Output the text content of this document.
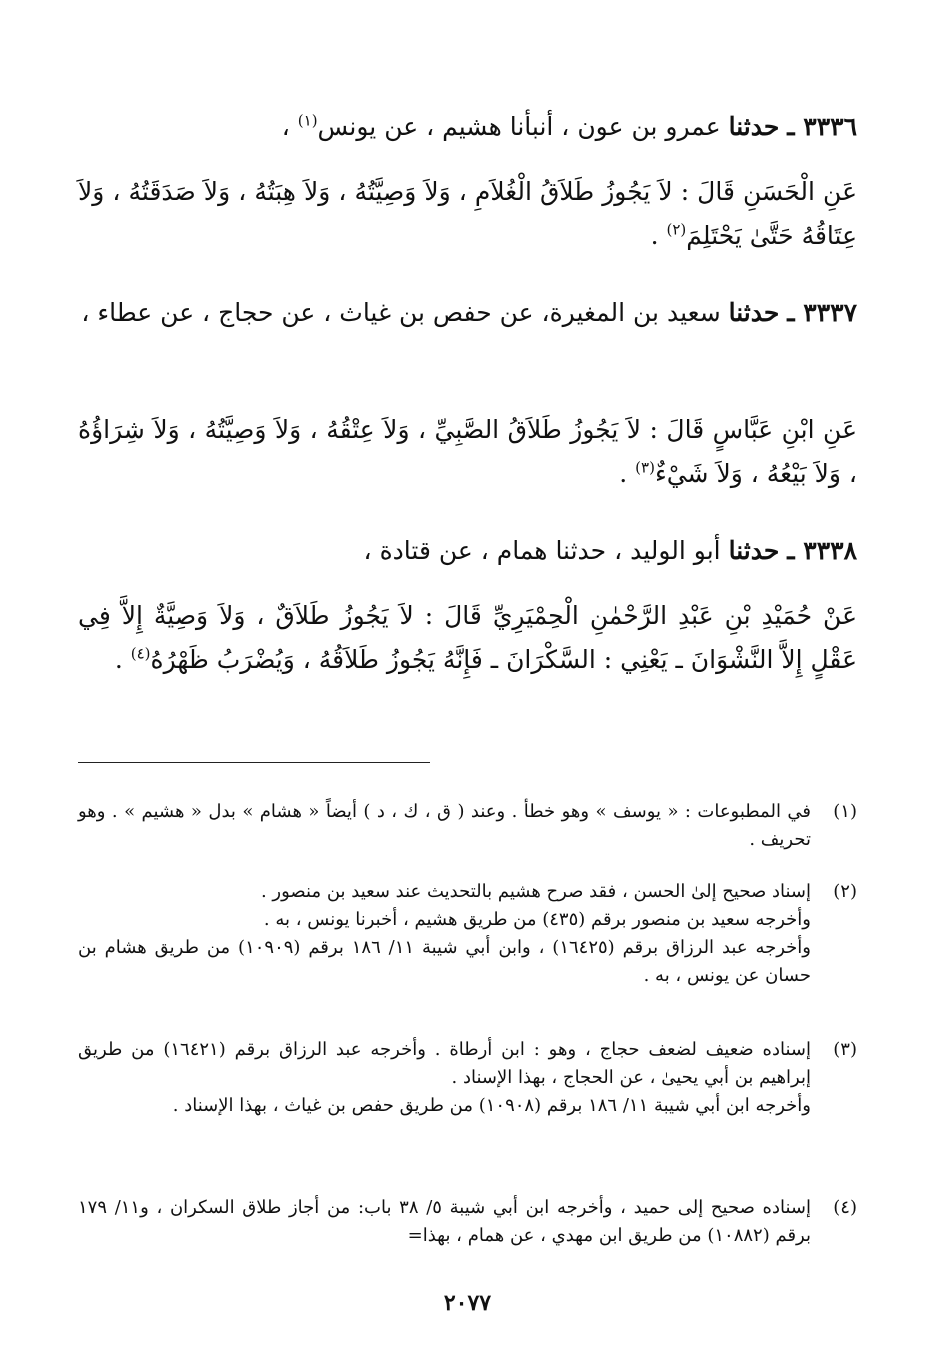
٣٣٣٦ ـ حدثنا عمرو بن عون ، أنبأنا هشيم ، عن يونس$^{(١)}$ ،
عَنِ الْحَسَنِ قَالَ : لاَ يَجُوزُ طَلاَقُ الْغُلاَمِ ، وَلاَ وَصِيَّتُهُ ، وَلاَ هِبَتُهُ ، وَلاَ صَدَقَتُهُ ، وَلاَ عِتَاقُهُ حَتَّىٰ يَحْتَلِمَ$^{(٢)}$ .
٣٣٣٧ ـ حدثنا سعيد بن المغيرة، عن حفص بن غياث ، عن حجاج ، عن عطاء ،
عَنِ ابْنِ عَبَّاسٍ قَالَ : لاَ يَجُوزُ طَلاَقُ الصَّبِيِّ ، وَلاَ عِتْقُهُ ، وَلاَ وَصِيَّتُهُ ، وَلاَ شِرَاؤُهُ ، وَلاَ بَيْعُهُ ، وَلاَ شَيْءٌ$^{(٣)}$ .
٣٣٣٨ ـ حدثنا أبو الوليد ، حدثنا همام ، عن قتادة ،
عَنْ حُمَيْدِ بْنِ عَبْدِ الرَّحْمٰنِ الْحِمْيَرِيِّ قَالَ : لاَ يَجُوزُ طَلاَقٌ ، وَلاَ وَصِيَّةٌ إِلاَّ فِي عَقْلٍ إِلاَّ النَّشْوَانَ ـ يَعْنِي : السَّكْرَانَ ـ فَإِنَّهُ يَجُوزُ طَلاَقُهُ ، وَيُضْرَبُ ظَهْرُهُ$^{(٤)}$ .
(١)

في المطبوعات : « يوسف » وهو خطأ . وعند ( ق ، ك ، د ) أيضاً « هشام » بدل « هشيم » . وهو تحريف .

(٢)

إسناد صحيح إلىٰ الحسن ، فقد صرح هشيم بالتحديث عند سعيد بن منصور .

وأخرجه سعيد بن منصور برقم (٤٣٥) من طريق هشيم ، أخبرنا يونس ، به .

وأخرجه عبد الرزاق برقم (١٦٤٢٥) ، وابن أبي شيبة ١١/ ١٨٦ برقم (١٠٩٠٩) من طريق هشام بن حسان عن يونس ، به .

(٣)

إسناده ضعيف لضعف حجاج ، وهو : ابن أرطاة . وأخرجه عبد الرزاق برقم (١٦٤٢١) من طريق إبراهيم بن أبي يحيىٰ ، عن الحجاج ، بهذا الإسناد .

وأخرجه ابن أبي شيبة ١١/ ١٨٦ برقم (١٠٩٠٨) من طريق حفص بن غياث ، بهذا الإسناد .

(٤)

إسناده صحيح إلى حميد ، وأخرجه ابن أبي شيبة ٥/ ٣٨ باب: من أجاز طلاق السكران ، و١١/ ١٧٩ برقم (١٠٨٨٢) من طريق ابن مهدي ، عن همام ، بهذا=

٢٠٧٧
